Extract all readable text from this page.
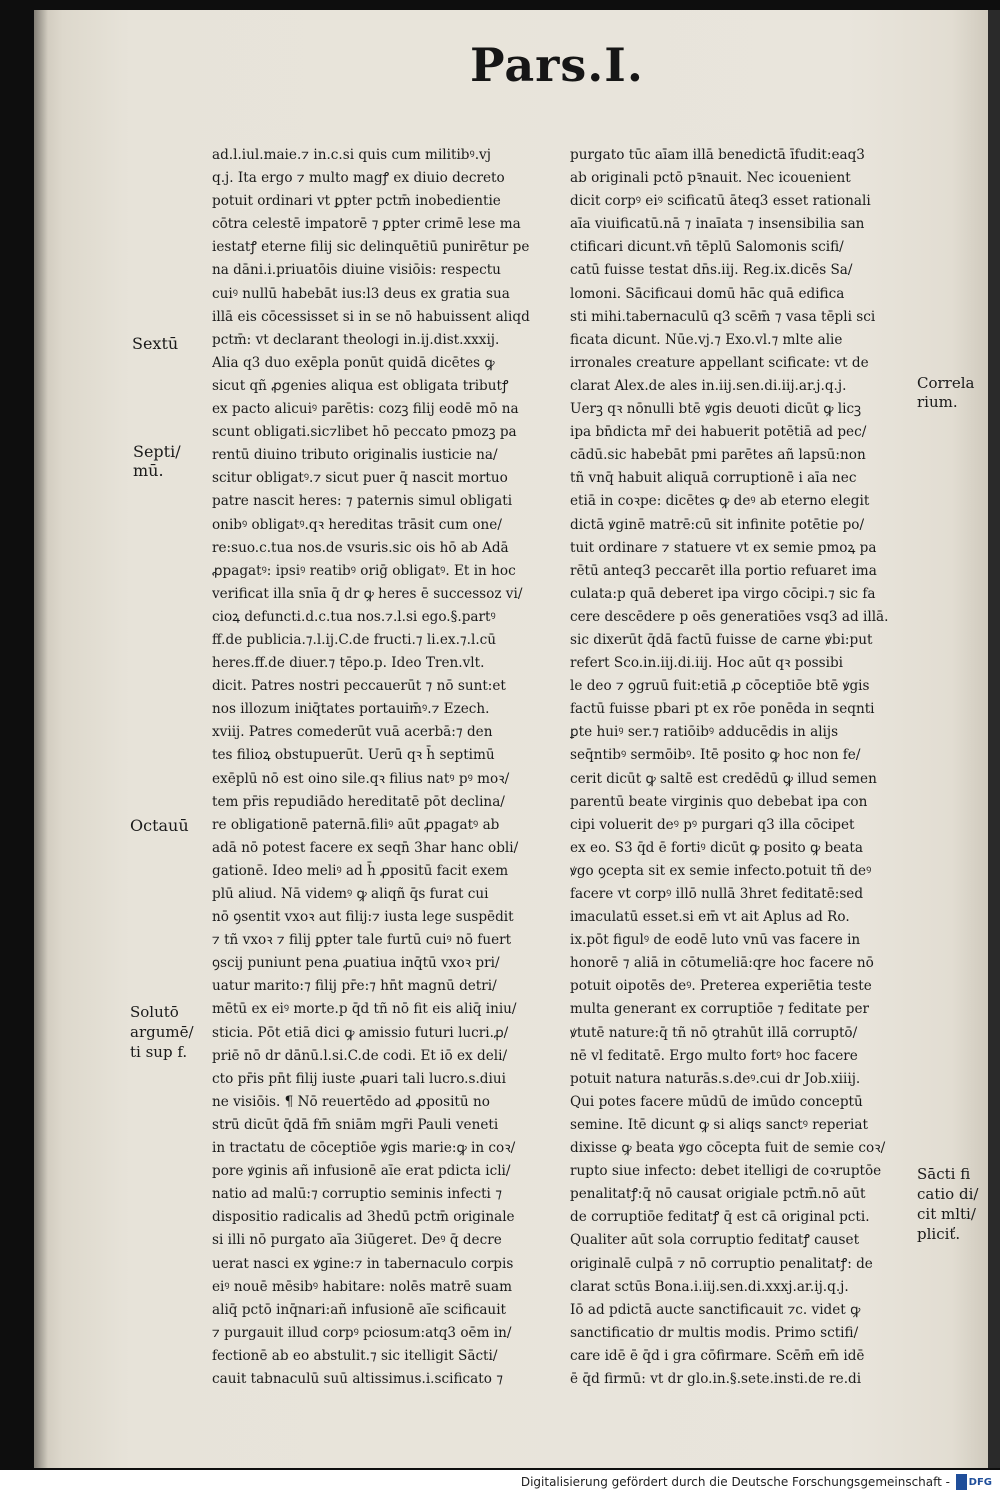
Pars.I.
ad.l.iul.maie.⁊ in.c.si quis cum militibꝰ.vj
q.j. Ita ergo ⁊ multo magꝭ ex diuio decreto
potuit ordinari vt ꝑpter pctm̄ inobedientie
cōtra celestē impatorē ⁊ ꝑpter crimē lese ma
iestatꝭ eterne filij sic delinquētiū punirētur pe
na dāni.i.priuatōis diuine visiōis: respectu
cuiꝰ nullū habebāt ius:l3 deus ex gratia sua
illā eis cōcessisset si in se nō habuissent aliqd
pctm̄: vt declarant theologi in.ij.dist.xxxij.
Alia q3 duo exēpla ponūt quidā dicētes ꝙ
sicut qñ ꝓgenies aliqua est obligata tributꝭ
ex pacto alicuiꝰ parētis: cozꝫ filij eodē mō na
scunt obligati.sic⁊libet hō peccato pmozꝫ pa
rentū diuino tributo originalis iusticie na/
scitur obligatꝰ.⁊ sicut puer q̄ nascit mortuo
patre nascit heres: ⁊ paternis simul obligati
onibꝰ obligatꝰ.qꝛ hereditas trāsit cum one/
re:suo.c.tua nos.de vsuris.sic ois hō ab Adā
ꝓpagatꝰ: ipsiꝰ reatibꝰ oriḡ obligatꝰ. Et in hoc
verificat illa snīa q̄ dr ꝙ heres ē successoz vi/
cioꝝ defuncti.d.c.tua nos.⁊.l.si ego.§.partꝰ
ff.de publicia.⁊.l.ij.C.de fructi.⁊ li.ex.⁊.l.cū
heres.ff.de diuer.⁊ tēpo.p. Ideo Tren.vlt.
dicit. Patres nostri peccauerūt ⁊ nō sunt:et
nos illozum iniq̄tates portauim̄ꝰ.⁊ Ezech.
xviij. Patres comederūt vuā acerbā:⁊ den
tes filioꝝ obstupuerūt. Uerū qꝛ h̄ septimū
exēplū nō est oino sile.qꝛ filius natꝰ pꝰ moꝛ/
tem pr̄is repudiādo hereditatē pōt declina/
re obligationē paternā.filiꝰ aūt ꝓpagatꝰ ab
adā nō potest facere ex seqn̄ 3har hanc obli/
gationē. Ideo meliꝰ ad h̄ ꝓpositū facit exem
plū aliud. Nā videmꝰ ꝙ aliqñ q̄s furat cui
nō ꝯsentit vxoꝛ aut filij:⁊ iusta lege suspēdit
⁊ tñ vxoꝛ ⁊ filij ꝑpter tale furtū cuiꝰ nō fuert
ꝯscij puniunt pena ꝓuatiua inq̄tū vxoꝛ pri/
uatur marito:⁊ filij pr̄e:⁊ hn̄t magnū detri/
mētū ex eiꝰ morte.p q̄d tñ nō fit eis aliq̄ iniu/
sticia. Pōt etiā dici ꝙ amissio futuri lucri.ꝓ/
priē nō dr dānū.l.si.C.de codi. Et iō ex deli/
cto pr̄is pn̄t filij iuste ꝓuari tali lucro.s.diui
ne visiōis. ¶ Nō reuertēdo ad ꝓpositū no
strū dicūt q̄dā fm̄ sniām mgr̄i Pauli veneti
in tractatu de cōceptiōe ꝟgis marie:ꝙ in coꝛ/
pore ꝟginis añ infusionē aīe erat pdicta icli/
natio ad malū:⁊ corruptio seminis infecti ⁊
dispositio radicalis ad 3hedū pctm̄ originale
si illi nō purgato aīa 3iūgeret. Deꝰ q̄ decre
uerat nasci ex ꝟgine:⁊ in tabernaculo corpis
eiꝰ nouē mēsibꝰ habitare: nolēs matrē suam
aliq̄ pctō inq̄nari:añ infusionē aīe scificauit
⁊ purgauit illud corpꝰ pciosum:atq3 oēm in/
fectionē ab eo abstulit.⁊ sic itelligit Sācti/
cauit tabnaculū suū altissimus.i.scificato ⁊
purgato tūc aīam illā benedictā īfudit:eaq3
ab originali pctō pꝛ̄nauit. Nec icouenient
dicit corpꝰ eiꝰ scificatū āteq3 esset rationali
aīa viuificatū.nā ⁊ inaīata ⁊ insensibilia san
ctificari dicunt.vn̄ tēplū Salomonis scifi/
catū fuisse testat dn̄s.iij. Reg.ix.dicēs Sa/
lomoni. Sācificaui domū hāc quā edifica
sti mihi.tabernaculū q3 scēm̄ ⁊ vasa tēpli sci
ficata dicunt. Nūe.vj.⁊ Exo.vl.⁊ mlte alie
irronales creature appellant scificate: vt de
clarat Alex.de ales in.iij.sen.di.iij.ar.j.q.j.
Uerꝫ qꝛ nōnulli btē ꝟgis deuoti dicūt ꝙ licꝫ
ipa bn̄dicta mr̄ dei habuerit potētiā ad pec/
cādū.sic habebāt pmi parētes añ lapsū:non
tñ vnq̄ habuit aliquā corruptionē i aīa nec
etiā in coꝛpe: dicētes ꝙ deꝰ ab eterno elegit
dictā ꝟginē matrē:cū sit infinite potētie po/
tuit ordinare ⁊ statuere vt ex semie pmoꝝ pa
rētū anteq3 peccarēt illa portio refuaret ima
culata:p quā deberet ipa virgo cōcipi.⁊ sic fa
cere descēdere p oēs generatiōes vsq3 ad illā.
sic dixerūt q̄dā factū fuisse de carne ꝟbi:put
refert Sco.in.iij.di.iij. Hoc aūt qꝛ possibi
le deo ⁊ ꝯgruū fuit:etiā ꝓ cōceptiōe btē ꝟgis
factū fuisse pbari pt ex rōe ponēda in seqnti
ꝑte huiꝰ ser.⁊ ratiōibꝰ adducēdis in alijs
seq̄ntibꝰ sermōibꝰ. Itē posito ꝙ hoc non fe/
cerit dicūt ꝙ saltē est credēdū ꝙ illud semen
parentū beate virginis quo debebat ipa con
cipi voluerit deꝰ pꝰ purgari q3 illa cōcipet
ex eo. S3 q̄d ē fortiꝰ dicūt ꝙ posito ꝙ beata
ꝟgo ꝯcepta sit ex semie infecto.potuit tñ deꝰ
facere vt corpꝰ illō nullā 3hret feditatē:sed
imaculatū esset.si em̄ vt ait Aplus ad Ro.
ix.pōt figulꝰ de eodē luto vnū vas facere in
honorē ⁊ aliā in cōtumeliā:qre hoc facere nō
potuit oipotēs deꝰ. Preterea experiētia teste
multa generant ex corruptiōe ⁊ feditate per
ꝟtutē nature:q̄ tñ nō ꝯtrahūt illā corruptō/
nē vl feditatē. Ergo multo fortꝰ hoc facere
potuit natura naturās.s.deꝰ.cui dr Job.xiiij.
Qui potes facere mūdū de imūdo conceptū
semine. Itē dicunt ꝙ si aliqs sanctꝰ reperiat
dixisse ꝙ beata ꝟgo cōcepta fuit de semie coꝛ/
rupto siue infecto: debet itelligi de coꝛruptōe
penalitatꝭ:q̄ nō causat origiale pctm̄.nō aūt
de corruptiōe feditatꝭ q̄ est cā original pcti.
Qualiter aūt sola corruptio feditatꝭ causet
originalē culpā ⁊ nō corruptio penalitatꝭ: de
clarat sctūs Bona.i.iij.sen.di.xxxj.ar.ij.q.j.
Iō ad pdictā aucte sanctificauit ⁊c. videt ꝙ
sanctificatio dr multis modis. Primo sctifi/
care idē ē q̄d i gra cōfirmare. Scēm̄ em̄ idē
ē q̄d firmū: vt dr glo.in.§.sete.insti.de re.di
Sextū
Septi/
mū.
Octauū
Solutō
argumē/
ti sup f.
Correla
rium.
Sācti fi
catio di/
cit mlti/
pliciť.
Digitalisierung gefördert durch die Deutsche Forschungsgemeinschaft - DFG
